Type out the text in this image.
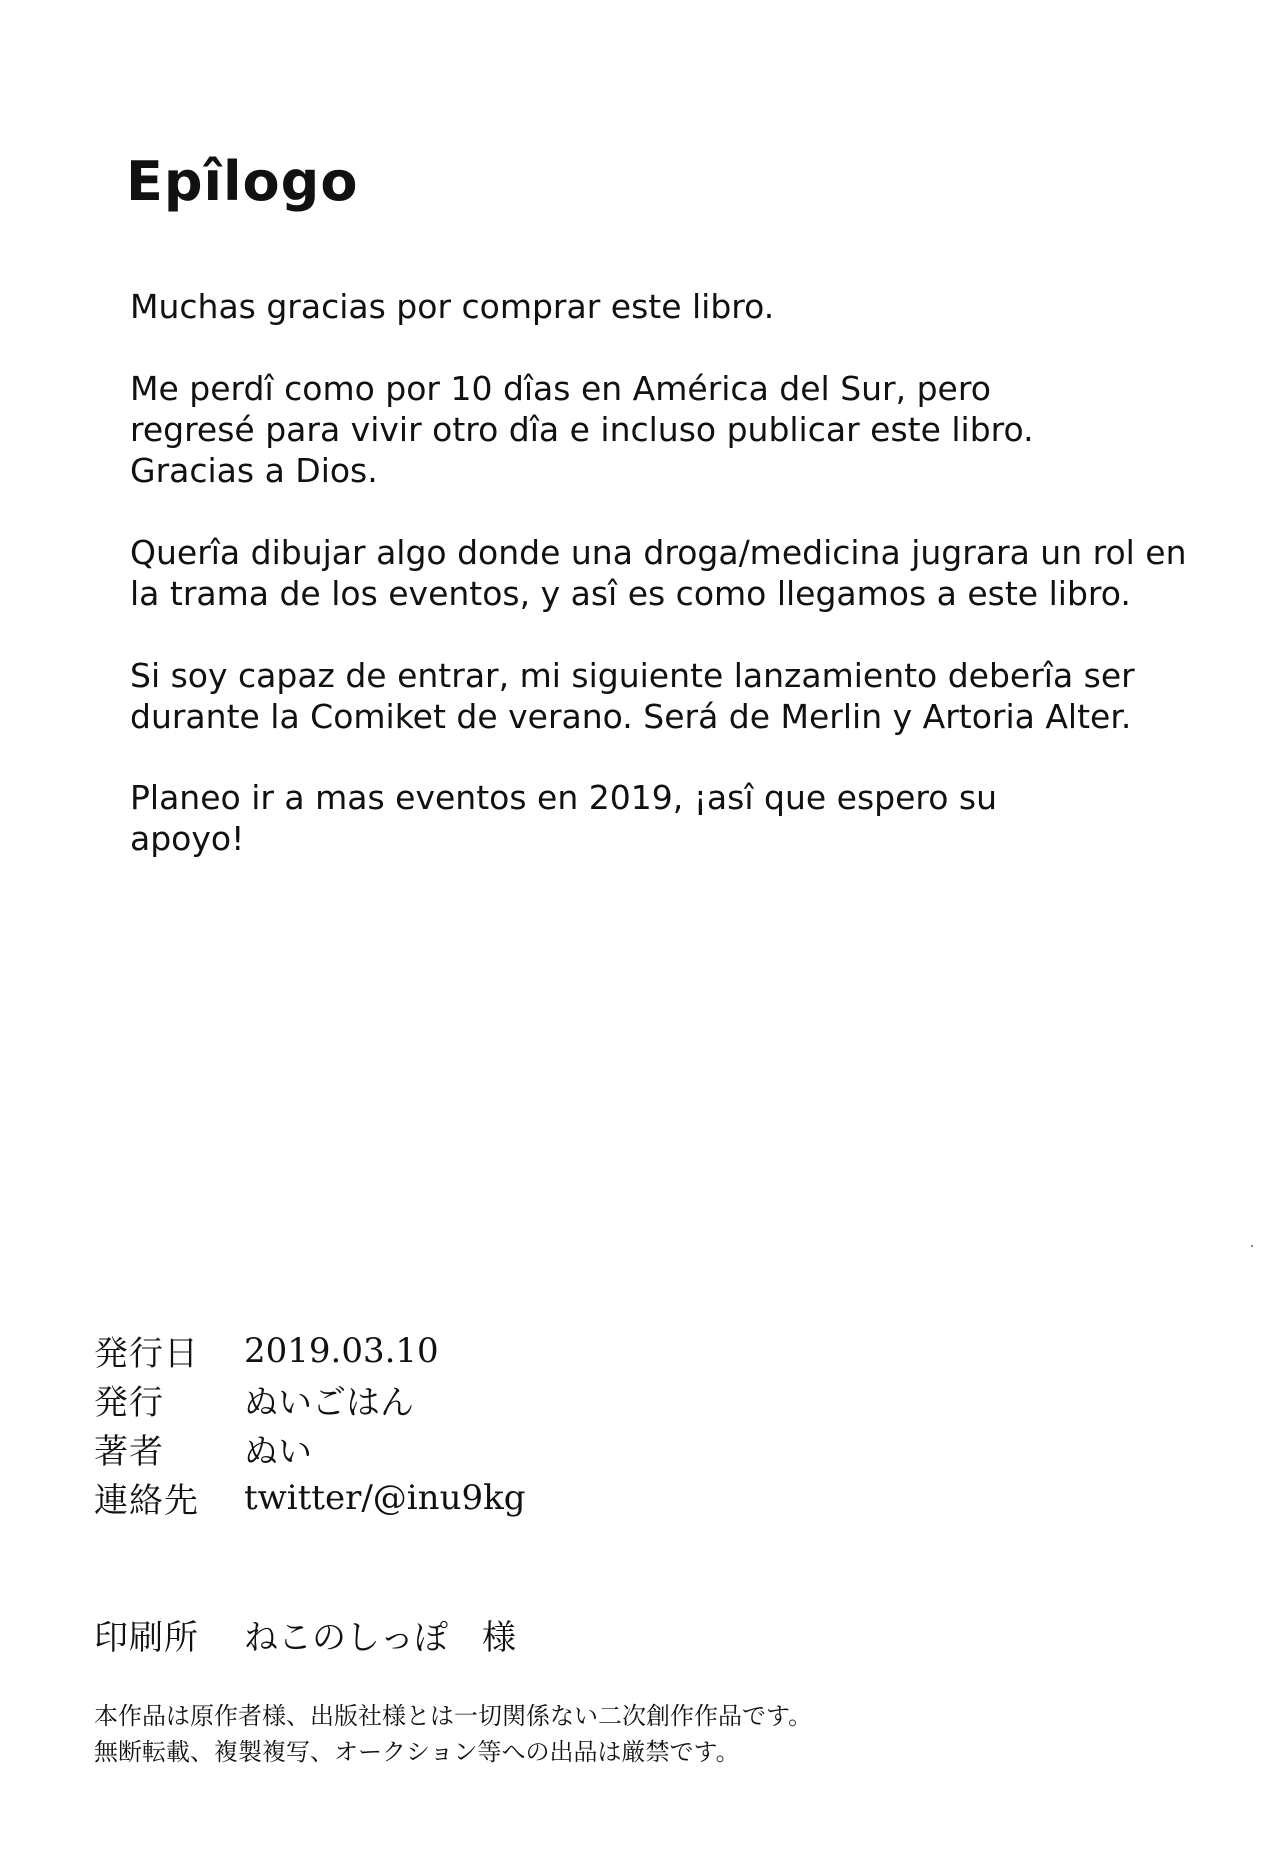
Epîlogo
Muchas gracias por comprar este libro.
Me perdî como por 10 dîas en América del Sur, pero
regresé para vivir otro dîa e incluso publicar este libro.
Gracias a Dios.
Querîa dibujar algo donde una droga/medicina jugrara un rol en
la trama de los eventos, y asî es como llegamos a este libro.
Si soy capaz de entrar, mi siguiente lanzamiento deberîa ser
durante la Comiket de verano. Será de Merlin y Artoria Alter.
Planeo ir a mas eventos en 2019, ¡asî que espero su
apoyo!
発行日	2019.03.10
発行	ぬいごはん
著者	ぬい
連絡先	twitter/@inu9kg
印刷所	ねこのしっぽ　様
本作品は原作者様、出版社様とは一切関係ない二次創作作品です。
無断転載、複製複写、オークション等への出品は厳禁です。
